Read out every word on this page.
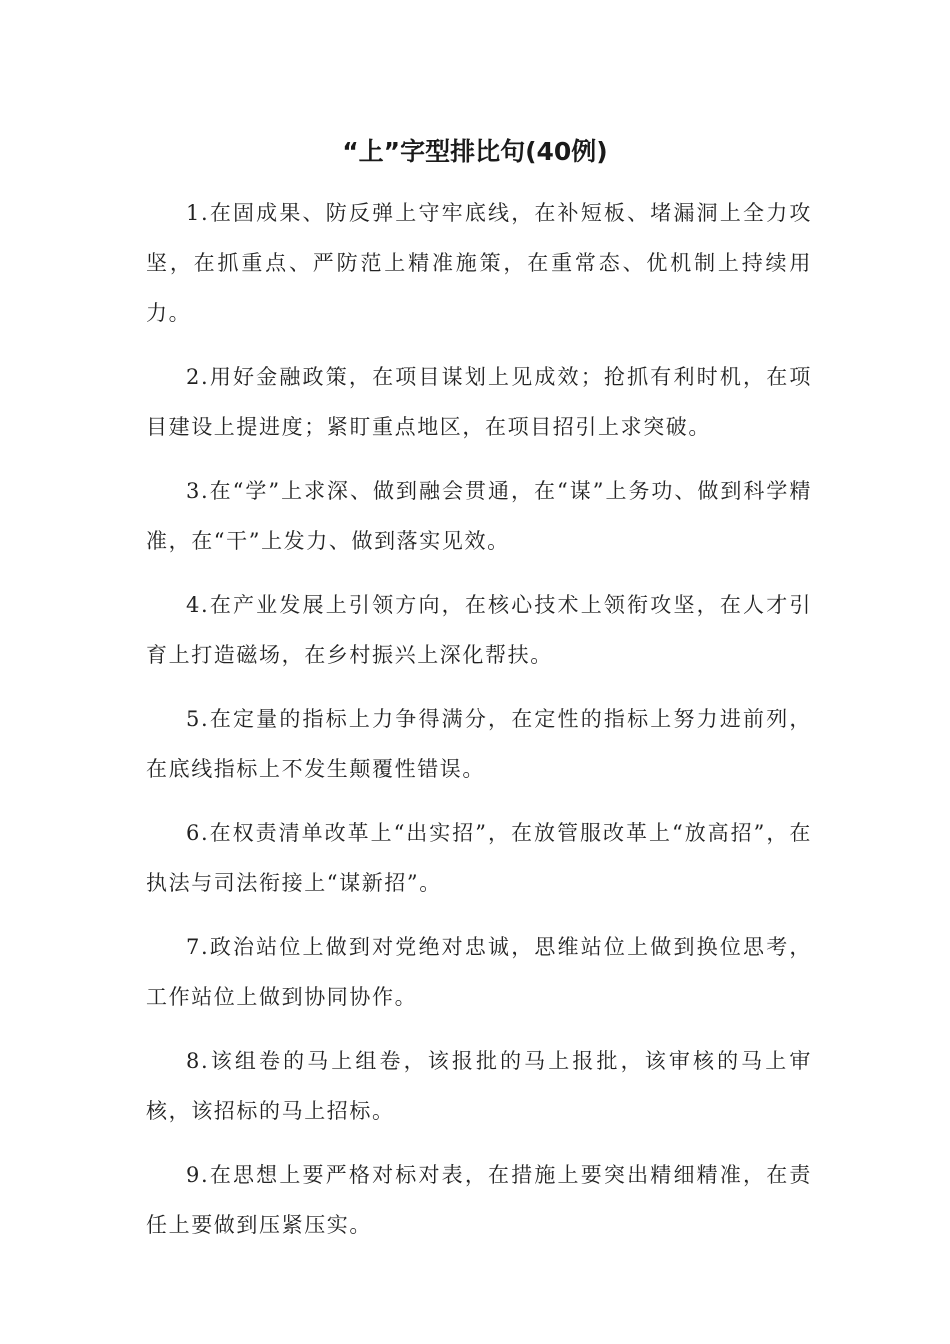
“上”字型排比句(40例)

1.在固成果、防反弹上守牢底线，在补短板、堵漏洞上全力攻坚，在抓重点、严防范上精准施策，在重常态、优机制上持续用力。

2.用好金融政策，在项目谋划上见成效；抢抓有利时机，在项目建设上提进度；紧盯重点地区，在项目招引上求突破。

3.在“学”上求深、做到融会贯通，在“谋”上务功、做到科学精准，在“干”上发力、做到落实见效。

4.在产业发展上引领方向，在核心技术上领衔攻坚，在人才引育上打造磁场，在乡村振兴上深化帮扶。

5.在定量的指标上力争得满分，在定性的指标上努力进前列，在底线指标上不发生颠覆性错误。

6.在权责清单改革上“出实招”，在放管服改革上“放高招”，在执法与司法衔接上“谋新招”。

7.政治站位上做到对党绝对忠诚，思维站位上做到换位思考，工作站位上做到协同协作。

8.该组卷的马上组卷，该报批的马上报批，该审核的马上审核，该招标的马上招标。

9.在思想上要严格对标对表，在措施上要突出精细精准，在责任上要做到压紧压实。
